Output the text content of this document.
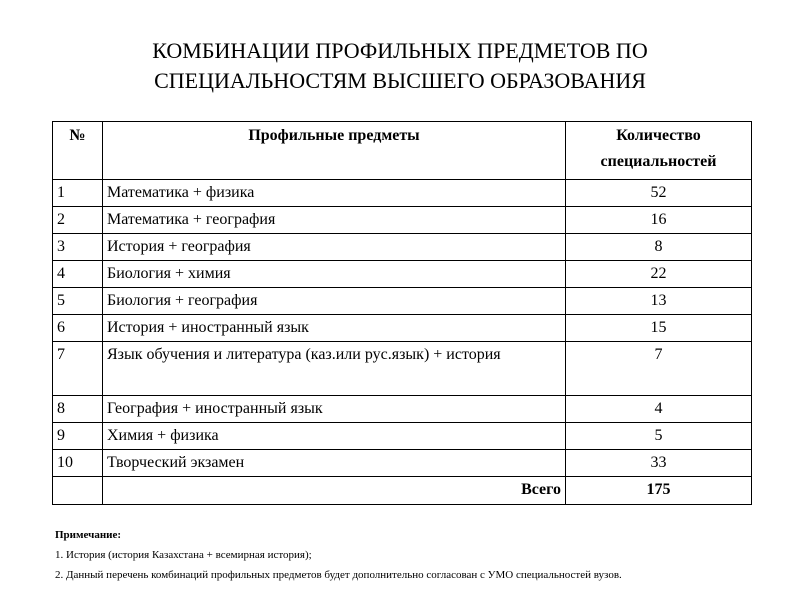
КОМБИНАЦИИ ПРОФИЛЬНЫХ ПРЕДМЕТОВ ПО
СПЕЦИАЛЬНОСТЯМ ВЫСШЕГО ОБРАЗОВАНИЯ
№	Профильные предметы	Количество
специальностей

1	Математика + физика	52
2	Математика + география	16
3	История + география	8
4	Биология + химия	22
5	Биология + география	13
6	История + иностранный язык	15
7	Язык обучения и литература (каз.или рус.язык) + история	7
8	География + иностранный язык	4
9	Химия + физика	5
10	Творческий экзамен	33
	Всего	175
Примечание:
1. История (история Казахстана + всемирная история);
2. Данный перечень комбинаций профильных предметов будет дополнительно согласован с УМО специальностей вузов.
